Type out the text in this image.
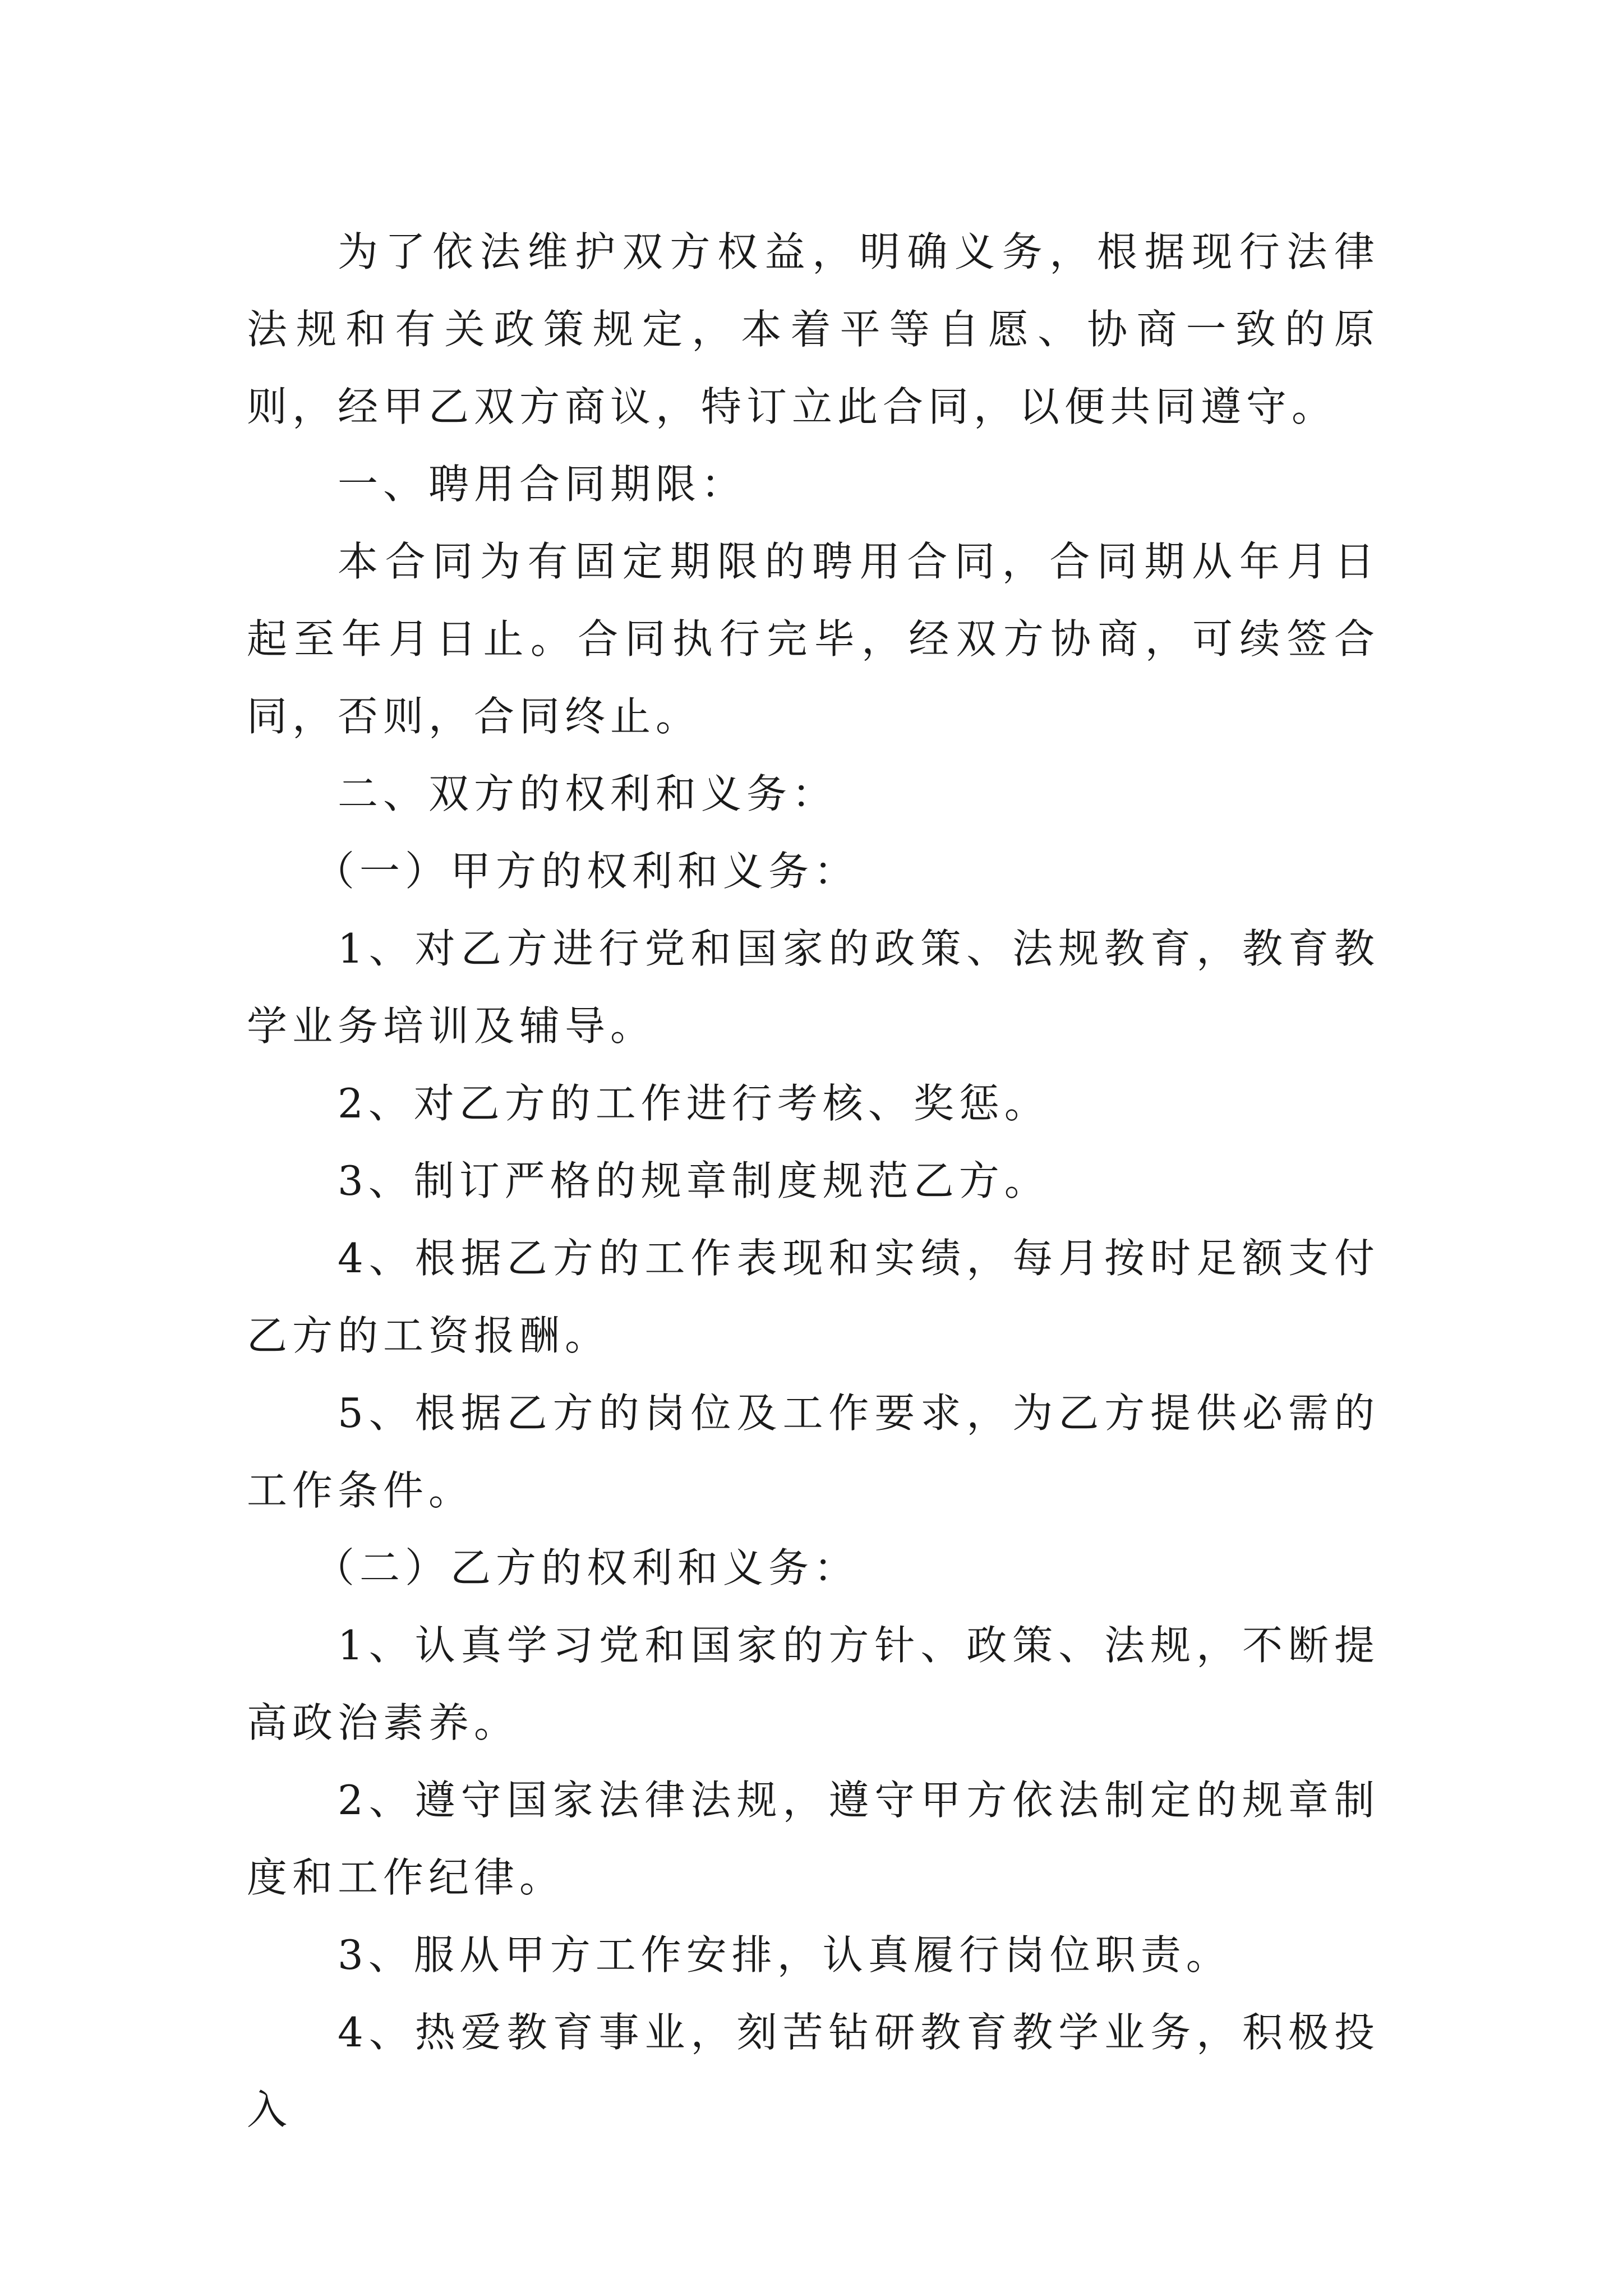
为了依法维护双方权益，明确义务，根据现行法律法规和有关政策规定，本着平等自愿、协商一致的原则，经甲乙双方商议，特订立此合同，以便共同遵守。

一、聘用合同期限：

本合同为有固定期限的聘用合同，合同期从年月日起至年月日止。合同执行完毕，经双方协商，可续签合同，否则，合同终止。

二、双方的权利和义务：

（一）甲方的权利和义务：

1、对乙方进行党和国家的政策、法规教育，教育教学业务培训及辅导。

2、对乙方的工作进行考核、奖惩。

3、制订严格的规章制度规范乙方。

4、根据乙方的工作表现和实绩，每月按时足额支付乙方的工资报酬。

5、根据乙方的岗位及工作要求，为乙方提供必需的工作条件。

（二）乙方的权利和义务：

1、认真学习党和国家的方针、政策、法规，不断提高政治素养。

2、遵守国家法律法规，遵守甲方依法制定的规章制度和工作纪律。

3、服从甲方工作安排，认真履行岗位职责。

4、热爱教育事业，刻苦钻研教育教学业务，积极投入
